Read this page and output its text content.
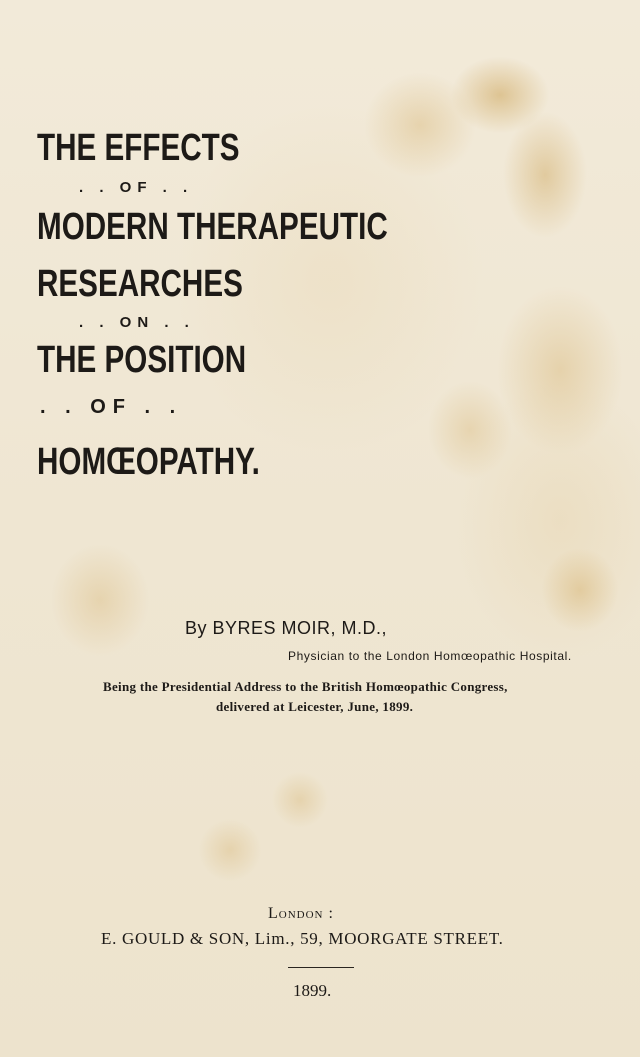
THE EFFECTS
. . OF . .
MODERN THERAPEUTIC
RESEARCHES
. . ON . .
THE POSITION
. . OF . .
HOMŒOPATHY.
By BYRES MOIR, M.D.,
Physician to the London Homœopathic Hospital.
Being the Presidential Address to the British Homœopathic Congress,
delivered at Leicester, June, 1899.
London :
E. GOULD & SON, Lim., 59, MOORGATE STREET.
1899.
